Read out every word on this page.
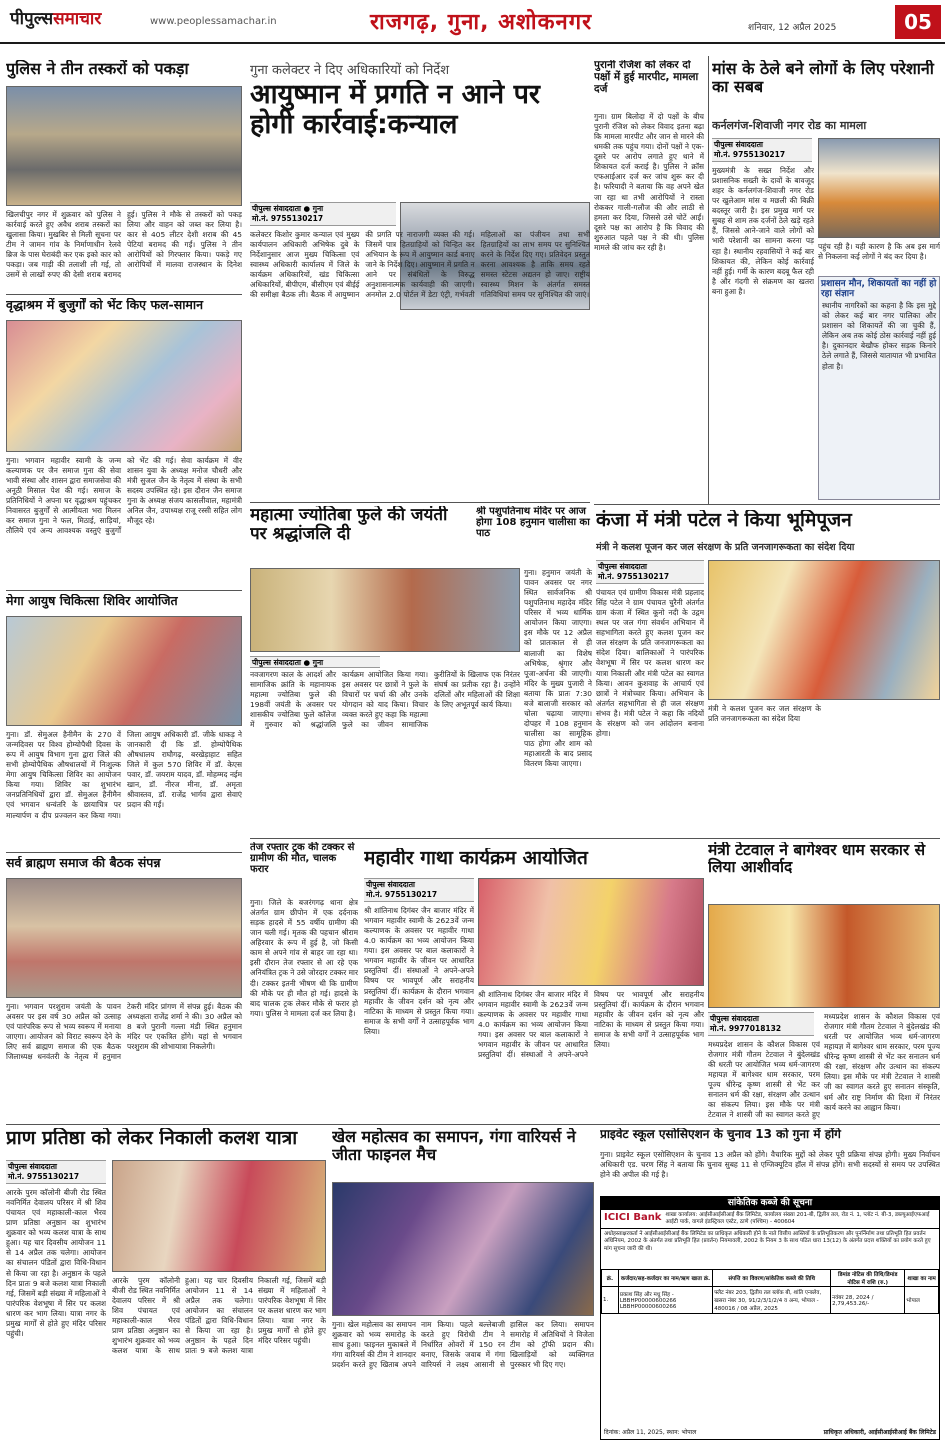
पीपुल्ससमाचार	www.peoplessamachar.in	राजगढ़, गुना, अशोकनगर	शनिवार, 12 अप्रैल 2025	05
पुलिस ने तीन तस्करों को पकड़ा
खिलचीपुर नगर में शुक्रवार को पुलिस ने कार्रवाई करते हुए अवैध शराब तस्करों का खुलासा किया। मुखबिर से मिली सूचना पर टीम ने जामन गांव के निर्माणाधीन रेलवे ब्रिज के पास घेराबंदी कर एक इको कार को पकड़ा। जब गाड़ी की तलाशी ली गई, तो उसमें से लाखों रुपए की देसी शराब बरामद हुई। पुलिस ने मौके से तस्करों को पकड़ लिया और वाहन को जब्त कर लिया है। कार से 405 लीटर देशी शराब की 45 पेटियां बरामद की गईं। पुलिस ने तीन आरोपियों को गिरफ्तार किया। पकड़े गए आरोपियों में मालवा राजस्थान के दिनेश
वृद्धाश्रम में बुजुर्गों को भेंट किए फल-सामान
गुना। भगवान महावीर स्वामी के जन्म कल्याणक पर जैन समाज गुना की सेवा भावी संस्था और शासन द्वारा समाजसेवा की अनूठी मिसाल पेश की गई। समाज के प्रतिनिधियों ने अपना घर वृद्धाश्रम पहुंचकर निवासरत बुजुर्गों से आत्मीयता भरा मिलन कर समाज गुना ने फल, मिठाई, साड़ियां, तौलिये एवं अन्य आवश्यक वस्तुएं बुजुर्गों को भेंट की गई। सेवा कार्यक्रम में वीर शासन युवा के अध्यक्ष मनोज चौधरी और मंत्री सुजल जैन के नेतृत्व में संस्था के सभी सदस्य उपस्थित रहे। इस दौरान जैन समाज गुना के अध्यक्ष संजय कासलीवाल, महामंत्री अनिल जैन, उपाध्यक्ष राजू रस्सी सहित लोग मौजूद रहे।
मेगा आयुष चिकित्सा शिविर आयोजित
गुना। डॉ. सेमुअल हैनीमैन के 270 वें जन्मदिवस पर विश्व होम्योपैथी दिवस के रूप में आयुष विभाग गुना द्वारा जिले की सभी होम्योपैथिक औषधालयों में निःशुल्क मेगा आयुष चिकित्सा शिविर का आयोजन किया गया। शिविर का शुभारंभ जनप्रतिनिधियों द्वारा डॉ. सेमुअल हैनीमैन एवं भगवान धन्वंतरि के छायाचित्र पर माल्यार्पण व दीप प्रज्वलन कर किया गया। जिला आयुष अधिकारी डॉ. जीके धाकड़ ने जानकारी दी कि डॉ. होम्योपैथिक औषधालय राघौगढ़, बरखेड़ाहाट सहित जिले में कुल 570 शिविर में डॉ. केएस पवार, डॉ. जयराम यादव, डॉ. मोहम्मद नईम खान, डॉ. नीरज मीना, डॉ. अमृता श्रीवास्तव, डॉ. राजेंद्र भार्गव द्वारा सेवाएं प्रदान की गईं।
सर्व ब्राह्मण समाज की बैठक संपन्न
गुना। भगवान परशुराम जयंती के पावन अवसर पर इस वर्ष 30 अप्रैल को उत्साह एवं पारंपरिक रूप से भव्य स्वरूप में मनाया जाएगा। आयोजन को विराट स्वरूप देने के लिए सर्व ब्राह्मण समाज की एक बैठक जिलाध्यक्ष धनवंतरी के नेतृत्व में हनुमान टेकरी मंदिर प्रांगण में संपन्न हुई। बैठक की अध्यक्षता राजेंद्र शर्मा ने की। 30 अप्रैल को 8 बजे पुरानी गल्ला मंडी स्थित हनुमान मंदिर पर एकत्रित होंगे। यहां से भगवान परशुराम की शोभायात्रा निकलेगी।
गुना कलेक्टर ने दिए अधिकारियों को निर्देश
आयुष्मान में प्रगति न आने पर होगी कार्रवाई:कन्याल
पीपुल्स संवाददाता ● गुना
मो.नं. 9755130217
कलेक्टर किशोर कुमार कन्याल एवं मुख्य कार्यपालन अधिकारी अभिषेक दुबे के निर्देशानुसार आज मुख्य चिकित्सा एवं स्वास्थ्य अधिकारी कार्यालय में जिले के कार्यक्रम अधिकारियों, खंड चिकित्सा अधिकारियों, बीपीएम, बीसीएम एवं बीईई की समीक्षा बैठक ली। बैठक में आयुष्मान की प्रगति पर नाराजगी व्यक्त की गई। जिसमें पात्र हितग्राहियों को चिन्हित कर अभियान के रूप में आयुष्मान कार्ड बनाए जाने के निर्देश दिए। आयुष्मान में प्रगति न आने पर संबंधितों के विरुद्ध अनुशासनात्मक कार्यवाही की जाएगी। अनमोल 2.0 पोर्टल में डेटा एंट्री, गर्भवती महिलाओं का पंजीयन तथा सभी हितग्राहियों का लाभ समय पर सुनिश्चित करने के निर्देश दिए गए। प्रतिवेदन प्रस्तुत करना आवश्यक है ताकि समय रहते समस्त स्टेटस अद्यतन हो जाए। राष्ट्रीय स्वास्थ्य मिशन के अंतर्गत समस्त गतिविधियां समय पर सुनिश्चित की जाएं।
पुरानी रंजिश को लेकर दो पक्षों में हुई मारपीट, मामला दर्ज
गुना। ग्राम बिलोदा में दो पक्षों के बीच पुरानी रंजिश को लेकर विवाद इतना बढ़ा कि मामला मारपीट और जान से मारने की धमकी तक पहुंच गया। दोनों पक्षों ने एक-दूसरे पर आरोप लगाते हुए थाने में शिकायत दर्ज कराई है। पुलिस ने क्रॉस एफआईआर दर्ज कर जांच शुरू कर दी है। फरियादी ने बताया कि वह अपने खेत जा रहा था तभी आरोपियों ने रास्ता रोककर गाली-गलौज की और लाठी से हमला कर दिया, जिससे उसे चोटें आईं। दूसरे पक्ष का आरोप है कि विवाद की शुरुआत पहले पक्ष ने की थी। पुलिस मामले की जांच कर रही है।
मांस के ठेले बने लोगों के लिए परेशानी का सबब
कर्नलगंज-शिवाजी नगर रोड का मामला
पीपुल्स संवाददाता
मो.नं. 9755130217
मुख्यमंत्री के सख्त निर्देश और प्रशासनिक सख्ती के दावों के बावजूद शहर के कर्नलगंज-शिवाजी नगर रोड पर खुलेआम मांस व मछली की बिक्री बदस्तूर जारी है। इस प्रमुख मार्ग पर सुबह से शाम तक दर्जनों ठेले खड़े रहते हैं, जिससे आने-जाने वाले लोगों को भारी परेशानी का सामना करना पड़ रहा है। स्थानीय रहवासियों ने कई बार शिकायत की, लेकिन कोई कार्रवाई नहीं हुई। गर्मी के कारण बदबू फैल रही है और गंदगी से संक्रमण का खतरा बना हुआ है।
पहुंच रही है। यही कारण है कि अब इस मार्ग से निकलना कई लोगों ने बंद कर दिया है।
प्रशासन मौन, शिकायतों का नहीं हो रहा संज्ञान
स्थानीय नागरिकों का कहना है कि इस मुद्दे को लेकर कई बार नगर पालिका और प्रशासन को शिकायतें की जा चुकी हैं, लेकिन अब तक कोई ठोस कार्रवाई नहीं हुई है। दुकानदार बेखौफ होकर सड़क किनारे ठेले लगाते हैं, जिससे यातायात भी प्रभावित होता है।
महात्मा ज्योतिबा फुले की जयंती पर श्रद्धांजलि दी
पीपुल्स संवाददाता ● गुना
नवजागरण काल के आदर्श और सामाजिक क्रांति के महानायक महात्मा ज्योतिबा फुले की 198वीं जयंती के अवसर पर शासकीय ज्योतिबा फुले कॉलेज में गुरुवार को श्रद्धांजलि कार्यक्रम आयोजित किया गया। इस अवसर पर छात्रों ने फुले के विचारों पर चर्चा की और उनके योगदान को याद किया। विचार व्यक्त करते हुए कहा कि महात्मा फुले का जीवन सामाजिक कुरीतियों के खिलाफ एक निरंतर संघर्ष का प्रतीक रहा है। उन्होंने दलितों और महिलाओं की शिक्षा के लिए अभूतपूर्व कार्य किया।
श्री पशुपतिनाथ मंदिर पर आज होगा 108 हनुमान चालीसा का पाठ
गुना। हनुमान जयंती के पावन अवसर पर नगर स्थित सार्वजनिक श्री पशुपतिनाथ महादेव मंदिर परिसर में भव्य धार्मिक आयोजन किया जाएगा। इस मौके पर 12 अप्रैल को प्रातःकाल से ही बालाजी का विशेष अभिषेक, श्रृंगार और पूजा-अर्चना की जाएगी। मंदिर के मुख्य पुजारी ने बताया कि प्रातः 7:30 बजे बालाजी सरकार को चोला चढ़ाया जाएगा। दोपहर में 108 हनुमान चालीसा का सामूहिक पाठ होगा और शाम को महाआरती के बाद प्रसाद वितरण किया जाएगा।
कंजा में मंत्री पटेल ने किया भूमिपूजन
मंत्री ने कलश पूजन कर जल संरक्षण के प्रति जनजागरूकता का संदेश दिया
पीपुल्स संवाददाता
मो.नं. 9755130217
पंचायत एवं ग्रामीण विकास मंत्री प्रहलाद सिंह पटेल ने ग्राम पंचायत चुरैनी अंतर्गत ग्राम कंजा में स्थित कूनो नदी के उद्गम स्थल पर जल गंगा संवर्धन अभियान में सहभागिता करते हुए कलश पूजन कर जल संरक्षण के प्रति जनजागरूकता का संदेश दिया। बालिकाओं ने पारंपरिक वेशभूषा में सिर पर कलश धारण कर यात्रा निकाली और मंत्री पटेल का स्वागत किया। आवन कुशवाह के आचार्य एवं छात्रों ने मंत्रोच्चार किया। अभियान के अंतर्गत सहभागिता से ही जल संरक्षण संभव है। मंत्री पटेल ने कहा कि नदियों के संरक्षण को जन आंदोलन बनाना होगा।
मंत्री ने कलश पूजन कर जल संरक्षण के प्रति जनजागरूकता का संदेश दिया
तेज रफ्तार ट्रक की टक्कर से ग्रामीण की मौत, चालक फरार
गुना। जिले के बजरंगगढ़ थाना क्षेत्र अंतर्गत ग्राम छीपोन में एक दर्दनाक सड़क हादसे में 55 वर्षीय ग्रामीण की जान चली गई। मृतक की पहचान श्रीराम अहिरवार के रूप में हुई है, जो किसी काम से अपने गांव से बाहर जा रहा था। इसी दौरान तेज रफ्तार से आ रहे एक अनियंत्रित ट्रक ने उसे जोरदार टक्कर मार दी। टक्कर इतनी भीषण थी कि ग्रामीण की मौके पर ही मौत हो गई। हादसे के बाद चालक ट्रक लेकर मौके से फरार हो गया। पुलिस ने मामला दर्ज कर लिया है।
महावीर गाथा कार्यक्रम आयोजित
पीपुल्स संवाददाता
मो.नं. 9755130217
श्री शांतिनाथ दिगंबर जैन बाजार मंदिर में भगवान महावीर स्वामी के 2623वें जन्म कल्याणक के अवसर पर महावीर गाथा 4.0 कार्यक्रम का भव्य आयोजन किया गया। इस अवसर पर बाल कलाकारों ने भगवान महावीर के जीवन पर आधारित प्रस्तुतियां दीं। संस्थाओं ने अपने-अपने विषय पर भावपूर्ण और सराहनीय प्रस्तुतियां दीं। कार्यक्रम के दौरान भगवान महावीर के जीवन दर्शन को नृत्य और नाटिका के माध्यम से प्रस्तुत किया गया। समाज के सभी वर्गों ने उत्साहपूर्वक भाग लिया।
श्री शांतिनाथ दिगंबर जैन बाजार मंदिर में भगवान महावीर स्वामी के 2623वें जन्म कल्याणक के अवसर पर महावीर गाथा 4.0 कार्यक्रम का भव्य आयोजन किया गया। इस अवसर पर बाल कलाकारों ने भगवान महावीर के जीवन पर आधारित प्रस्तुतियां दीं। संस्थाओं ने अपने-अपने विषय पर भावपूर्ण और सराहनीय प्रस्तुतियां दीं। कार्यक्रम के दौरान भगवान महावीर के जीवन दर्शन को नृत्य और नाटिका के माध्यम से प्रस्तुत किया गया। समाज के सभी वर्गों ने उत्साहपूर्वक भाग लिया।
मंत्री टेटवाल ने बागेश्वर धाम सरकार से लिया आशीर्वाद
पीपुल्स संवाददाता
मो.नं. 9977018132
मध्यप्रदेश शासन के कौशल विकास एवं रोजगार मंत्री गौतम टेटवाल ने बुंदेलखंड की धरती पर आयोजित भव्य धर्म-जागरण महायज्ञ में बागेश्वर धाम सरकार, परम पूज्य धीरेन्द्र कृष्ण शास्त्री से भेंट कर सनातन धर्म की रक्षा, संरक्षण और उत्थान का संकल्प लिया। इस मौके पर मंत्री टेटवाल ने शास्त्री जी का स्वागत करते हुए
मध्यप्रदेश शासन के कौशल विकास एवं रोजगार मंत्री गौतम टेटवाल ने बुंदेलखंड की धरती पर आयोजित भव्य धर्म-जागरण महायज्ञ में बागेश्वर धाम सरकार, परम पूज्य धीरेन्द्र कृष्ण शास्त्री से भेंट कर सनातन धर्म की रक्षा, संरक्षण और उत्थान का संकल्प लिया। इस मौके पर मंत्री टेटवाल ने शास्त्री जी का स्वागत करते हुए सनातन संस्कृति, धर्म और राष्ट्र निर्माण की दिशा में निरंतर कार्य करने का आह्वान किया।
प्राण प्रतिष्ठा को लेकर निकाली कलश यात्रा
पीपुल्स संवाददाता
मो.नं. 9755130217
आरके पुरम कॉलोनी बीजी रोड स्थित नवनिर्मित देवालय परिसर में श्री शिव पंचायत एवं महाकाली-काल भैरव प्राण प्रतिष्ठा अनुष्ठान का शुभारंभ शुक्रवार को भव्य कलश यात्रा के साथ हुआ। यह चार दिवसीय आयोजन 11 से 14 अप्रैल तक चलेगा। आयोजन का संचालन पंडितों द्वारा विधि-विधान से किया जा रहा है। अनुष्ठान के पहले दिन प्रातः 9 बजे कलश यात्रा निकाली गई, जिसमें बड़ी संख्या में महिलाओं ने पारंपरिक वेशभूषा में सिर पर कलश धारण कर भाग लिया। यात्रा नगर के प्रमुख मार्गों से होते हुए मंदिर परिसर पहुंची।
आरके पुरम कॉलोनी बीजी रोड स्थित नवनिर्मित देवालय परिसर में श्री शिव पंचायत एवं महाकाली-काल भैरव प्राण प्रतिष्ठा अनुष्ठान का शुभारंभ शुक्रवार को भव्य कलश यात्रा के साथ हुआ। यह चार दिवसीय आयोजन 11 से 14 अप्रैल तक चलेगा। आयोजन का संचालन पंडितों द्वारा विधि-विधान से किया जा रहा है। अनुष्ठान के पहले दिन प्रातः 9 बजे कलश यात्रा निकाली गई, जिसमें बड़ी संख्या में महिलाओं ने पारंपरिक वेशभूषा में सिर पर कलश धारण कर भाग लिया। यात्रा नगर के प्रमुख मार्गों से होते हुए मंदिर परिसर पहुंची।
खेल महोत्सव का समापन, गंगा वारियर्स ने जीता फाइनल मैच
गुना। खेल महोत्सव का समापन शुक्रवार को भव्य समारोह के साथ हुआ। फाइनल मुकाबले में गंगा वारियर्स की टीम ने शानदार प्रदर्शन करते हुए खिताब अपने नाम किया। पहले बल्लेबाजी करते हुए विरोधी टीम ने निर्धारित ओवरों में 150 रन बनाए, जिसके जवाब में गंगा वारियर्स ने लक्ष्य आसानी से हासिल कर लिया। समापन समारोह में अतिथियों ने विजेता टीम को ट्रॉफी प्रदान की। खिलाड़ियों को व्यक्तिगत पुरस्कार भी दिए गए।
प्राइवेट स्कूल एसोसिएशन के चुनाव 13 को गुना में होंगे
गुना। प्राइवेट स्कूल एसोसिएशन के चुनाव 13 अप्रैल को होंगे। वैचारिक मुद्दों को लेकर पूरी प्रक्रिया संपन्न होगी। मुख्य निर्वाचन अधिकारी एड. चरण सिंह ने बताया कि चुनाव सुबह 11 से एग्जिक्यूटिव हॉल में संपन्न होंगे। सभी सदस्यों से समय पर उपस्थित होने की अपील की गई है।
सांकेतिक कब्जे की सूचना
ICICI Bank शाखा कार्यालय: आईसीआईसीआई बैंक लिमिटेड, कार्यालय संख्या 201-बी, द्वितीय तल, रोड नं. 1, प्लॉट नं. बी-3, डब्ल्यूआईएफआई आईटी पार्क, वागले इंडस्ट्रियल एस्टेट, ठाणे (पश्चिम) - 400604
अधोहस्ताक्षरकर्ता ने आईसीआईसीआई बैंक लिमिटेड का प्राधिकृत अधिकारी होने के नाते वित्तीय आस्तियों के प्रतिभूतिकरण और पुनर्निर्माण तथा प्रतिभूति हित प्रवर्तन अधिनियम, 2002 के अंतर्गत तथा प्रतिभूति हित (प्रवर्तन) नियमावली, 2002 के नियम 3 के साथ पठित धारा 13(12) के अंतर्गत प्रदत्त शक्तियों का प्रयोग करते हुए मांग सूचना जारी की थी।
क्रं.	कर्जदार/सह-कर्जदार का नाम/ऋण खाता क्रं.	संपत्ति का विवरण/सांकेतिक कब्जे की तिथि	डिमांड नोटिस की तिथि/डिमांड नोटिस में राशि (रु.)	शाखा का नाम
1.	प्रकाश सिंह और मधु सिंह - LBBHP00000600266 LBBHP00000600266	फ्लैट नंबर 203, द्वितीय तल ब्लॉक बी, शांति एन्क्लेव, खसरा नंबर 30, 91/2/3/1/2/4 व अन्य, भोपाल - 480016 / 08 अप्रैल, 2025	नवंबर 28, 2024 / 2,79,453.26/-	भोपाल
दिनांक: अप्रैल 11, 2025, स्थान: भोपाल	प्राधिकृत अधिकारी, आईसीआईसीआई बैंक लिमिटेड
